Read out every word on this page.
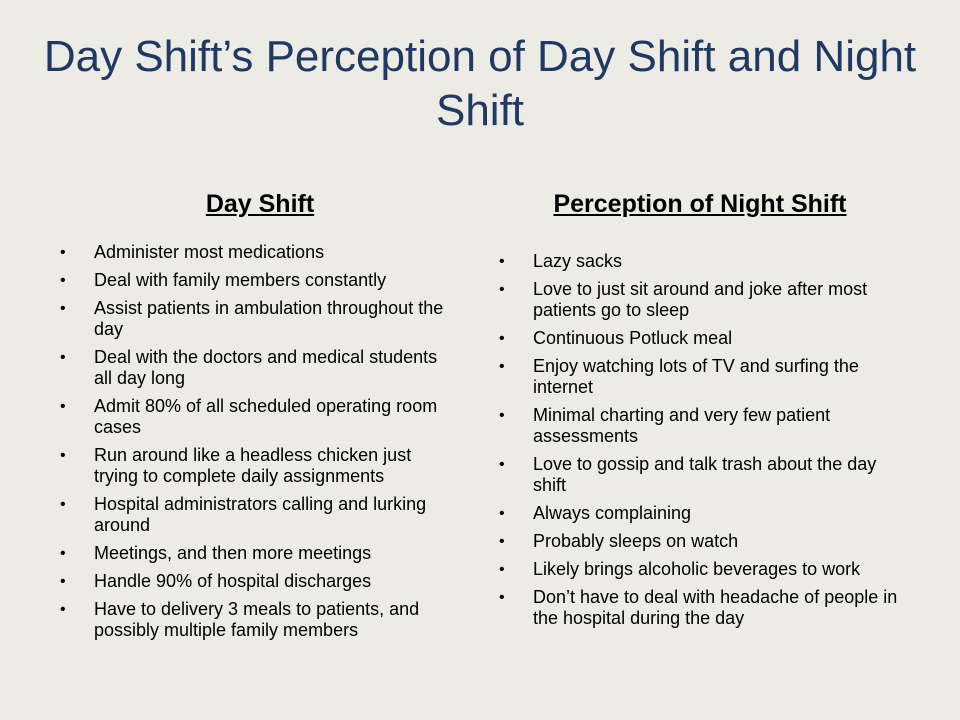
Day Shift’s Perception of Day Shift and Night Shift
Day Shift
• Administer most medications
• Deal with family members constantly
• Assist patients in ambulation throughout the day
• Deal with the doctors and medical students all day long
• Admit 80% of all scheduled operating room cases
• Run around like a headless chicken just trying to complete daily assignments
• Hospital administrators calling and lurking around
• Meetings, and then more meetings
• Handle 90% of hospital discharges
• Have to delivery 3 meals to patients, and possibly multiple family members
Perception of Night Shift
• Lazy sacks
• Love to just sit around and joke after most patients go to sleep
• Continuous Potluck meal
• Enjoy watching lots of TV and surfing the internet
• Minimal charting and very few patient assessments
• Love to gossip and talk trash about the day shift
• Always complaining
• Probably sleeps on watch
• Likely brings alcoholic beverages to work
• Don’t have to deal with headache of people in the hospital during the day
